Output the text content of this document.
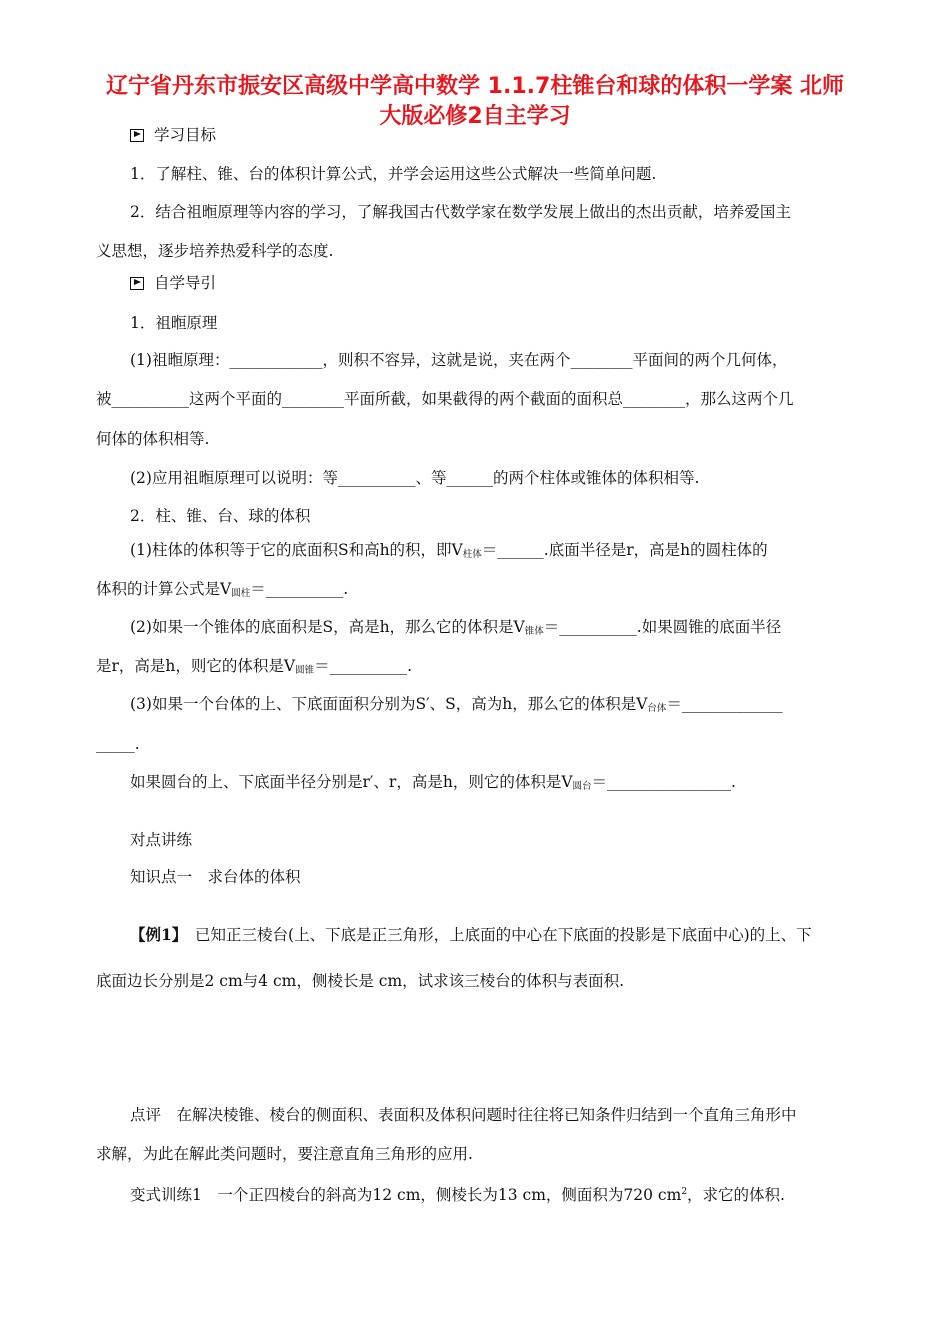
辽宁省丹东市振安区高级中学高中数学 1.1.7柱锥台和球的体积一学案 北师
大版必修2自主学习
学习目标
1．了解柱、锥、台的体积计算公式，并学会运用这些公式解决一些简单问题.
2．结合祖暅原理等内容的学习，了解我国古代数学家在数学发展上做出的杰出贡献，培养爱国主
义思想，逐步培养热爱科学的态度.
自学导引
1．祖暅原理
(1)祖暅原理：____________，则积不容异，这就是说，夹在两个________平面间的两个几何体，
被__________这两个平面的________平面所截，如果截得的两个截面的面积总________，那么这两个几
何体的体积相等.
(2)应用祖暅原理可以说明：等__________、等______的两个柱体或锥体的体积相等.
2．柱、锥、台、球的体积
(1)柱体的体积等于它的底面积S和高h的积，即$V_{柱体}=\_\_\_\_\_\_$.底面半径是r，高是h的圆柱体的
体积的计算公式是$V_{圆柱}=\_\_\_\_\_\_\_\_\_\_$.
(2)如果一个锥体的底面积是S，高是h，那么它的体积是$V_{锥体}=\_\_\_\_\_\_\_\_\_\_$.如果圆锥的底面半径
是r，高是h，则它的体积是$V_{圆锥}=\_\_\_\_\_\_\_\_\_\_$.
(3)如果一个台体的上、下底面面积分别为S′、S，高为h，那么它的体积是$V_{台体}=\_\_\_\_\_\_\_\_\_\_\_\_\_$
_____.
如果圆台的上、下底面半径分别是r′、r，高是h，则它的体积是$V_{圆台}=\_\_\_\_\_\_\_\_\_\_\_\_\_\_\_\_$.
对点讲练
知识点一　求台体的体积
【例1】　已知正三棱台(上、下底是正三角形，上底面的中心在下底面的投影是下底面中心)的上、下
底面边长分别是2 cm与4 cm，侧棱长是 cm，试求该三棱台的体积与表面积.
点评　在解决棱锥、棱台的侧面积、表面积及体积问题时往往将已知条件归结到一个直角三角形中
求解，为此在解此类问题时，要注意直角三角形的应用.
变式训练1　一个正四棱台的斜高为12 cm，侧棱长为13 cm，侧面积为720 $cm^2$，求它的体积.
